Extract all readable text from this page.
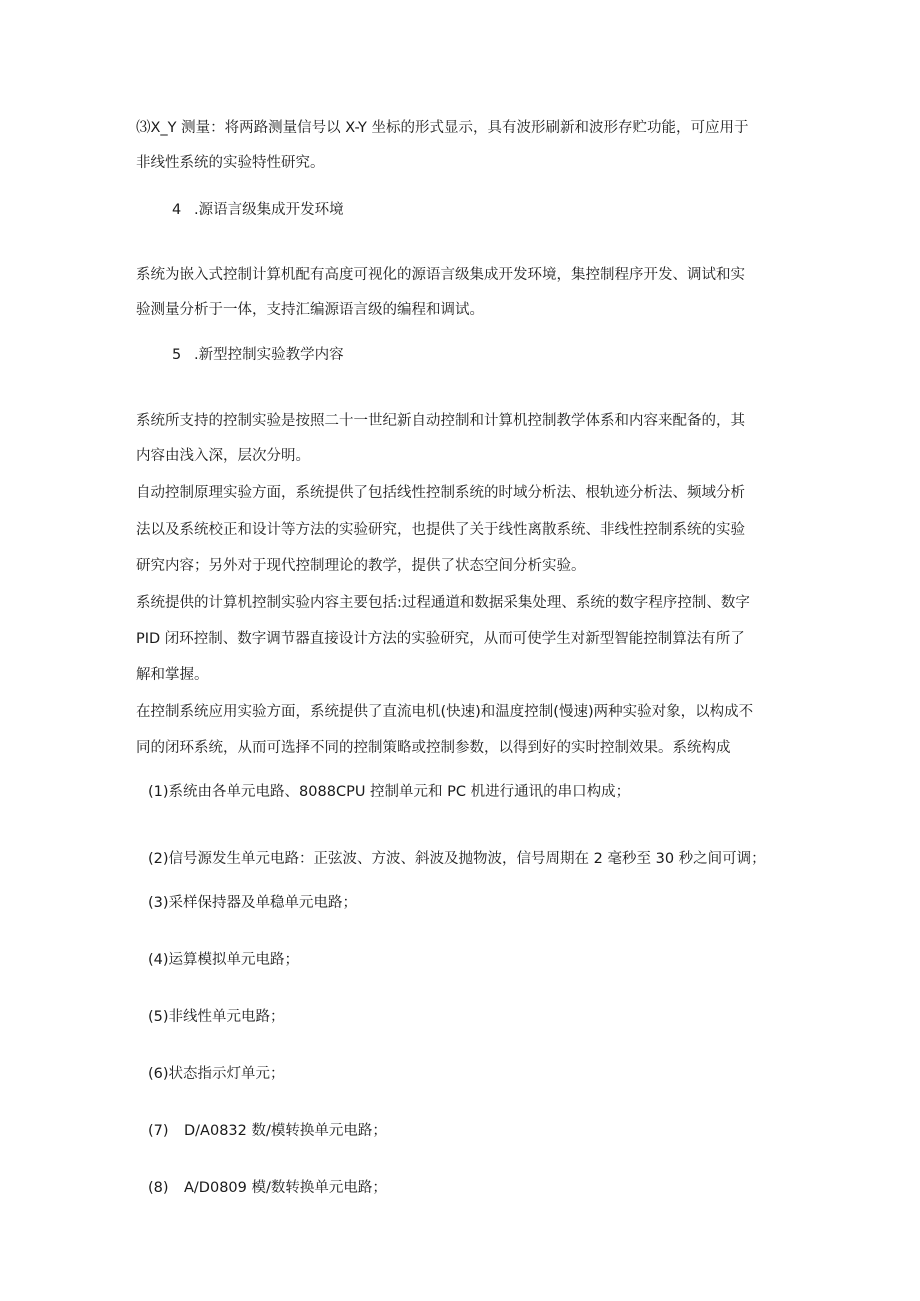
⑶X_Y 测量：将两路测量信号以 X-Y 坐标的形式显示，具有波形刷新和波形存贮功能，可应用于
非线性系统的实验特性研究。
4 .源语言级集成开发环境
系统为嵌入式控制计算机配有高度可视化的源语言级集成开发环境，集控制程序开发、调试和实
验测量分析于一体，支持汇编源语言级的编程和调试。
5 .新型控制实验教学内容
系统所支持的控制实验是按照二十一世纪新自动控制和计算机控制教学体系和内容来配备的，其
内容由浅入深，层次分明。
自动控制原理实验方面，系统提供了包括线性控制系统的时域分析法、根轨迹分析法、频域分析
法以及系统校正和设计等方法的实验研究，也提供了关于线性离散系统、非线性控制系统的实验
研究内容；另外对于现代控制理论的教学，提供了状态空间分析实验。
系统提供的计算机控制实验内容主要包括:过程通道和数据采集处理、系统的数字程序控制、数字
PID 闭环控制、数字调节器直接设计方法的实验研究，从而可使学生对新型智能控制算法有所了
解和掌握。
在控制系统应用实验方面，系统提供了直流电机(快速)和温度控制(慢速)两种实验对象，以构成不
同的闭环系统，从而可选择不同的控制策略或控制参数，以得到好的实时控制效果。系统构成
(1)系统由各单元电路、8088CPU 控制单元和 PC 机进行通讯的串口构成；
(2)信号源发生单元电路：正弦波、方波、斜波及抛物波，信号周期在 2 毫秒至 30 秒之间可调；
(3)采样保持器及单稳单元电路；
(4)运算模拟单元电路；
(5)非线性单元电路；
(6)状态指示灯单元；
(7) D/A0832 数/模转换单元电路；
(8) A/D0809 模/数转换单元电路；
